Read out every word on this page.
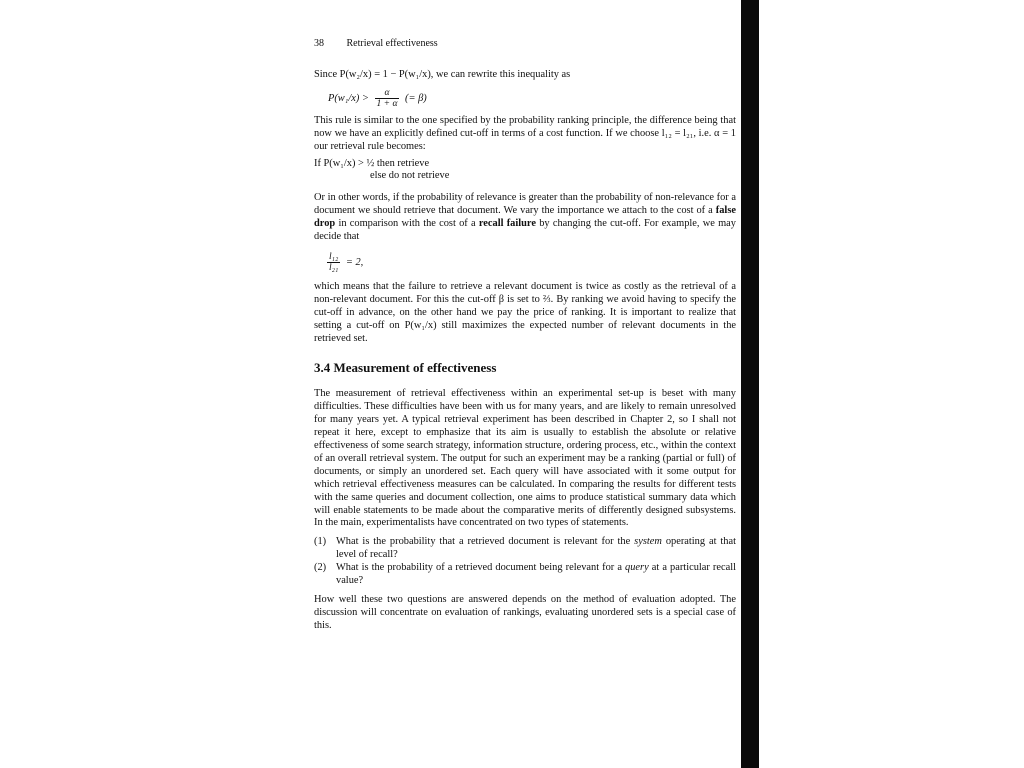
38 Retrieval effectiveness

Since P(w₂/x) = 1 − P(w₁/x), we can rewrite this inequality as

$P(w_1/x) > \frac{\alpha}{1 + \alpha}$ (= β)

This rule is similar to the one specified by the probability ranking principle, the difference being that now we have an explicitly defined cut-off in terms of a cost function. If we choose l₁₂ = l₂₁, i.e. α = 1 our retrieval rule becomes:

If P(w₁/x) > ½ then retrieve
else do not retrieve

Or in other words, if the probability of relevance is greater than the probability of non-relevance for a document we should retrieve that document. We vary the importance we attach to the cost of a false drop in comparison with the cost of a recall failure by changing the cut-off. For example, we may decide that

$\frac{\text{l₁₂}}{\text{l₂₁}} = 2$,

which means that the failure to retrieve a relevant document is twice as costly as the retrieval of a non-relevant document. For this the cut-off β is set to ⅔. By ranking we avoid having to specify the cut-off in advance, on the other hand we pay the price of ranking. It is important to realize that setting a cut-off on P(w₁/x) still maximizes the expected number of relevant documents in the retrieved set.

3.4 Measurement of effectiveness

The measurement of retrieval effectiveness within an experimental set-up is beset with many difficulties. These difficulties have been with us for many years, and are likely to remain unresolved for many years yet. A typical retrieval experiment has been described in Chapter 2, so I shall not repeat it here, except to emphasize that its aim is usually to establish the absolute or relative effectiveness of some search strategy, information structure, ordering process, etc., within the context of an overall retrieval system. The output for such an experiment may be a ranking (partial or full) of documents, or simply an unordered set. Each query will have associated with it some output for which retrieval effectiveness measures can be calculated. In comparing the results for different tests with the same queries and document collection, one aims to produce statistical summary data which will enable statements to be made about the comparative merits of differently designed subsystems. In the main, experimentalists have concentrated on two types of statements.

(1) What is the probability that a retrieved document is relevant for the system operating at that level of recall?
(2) What is the probability of a retrieved document being relevant for a query at a particular recall value?

How well these two questions are answered depends on the method of evaluation adopted. The discussion will concentrate on evaluation of rankings, evaluating unordered sets is a special case of this.
